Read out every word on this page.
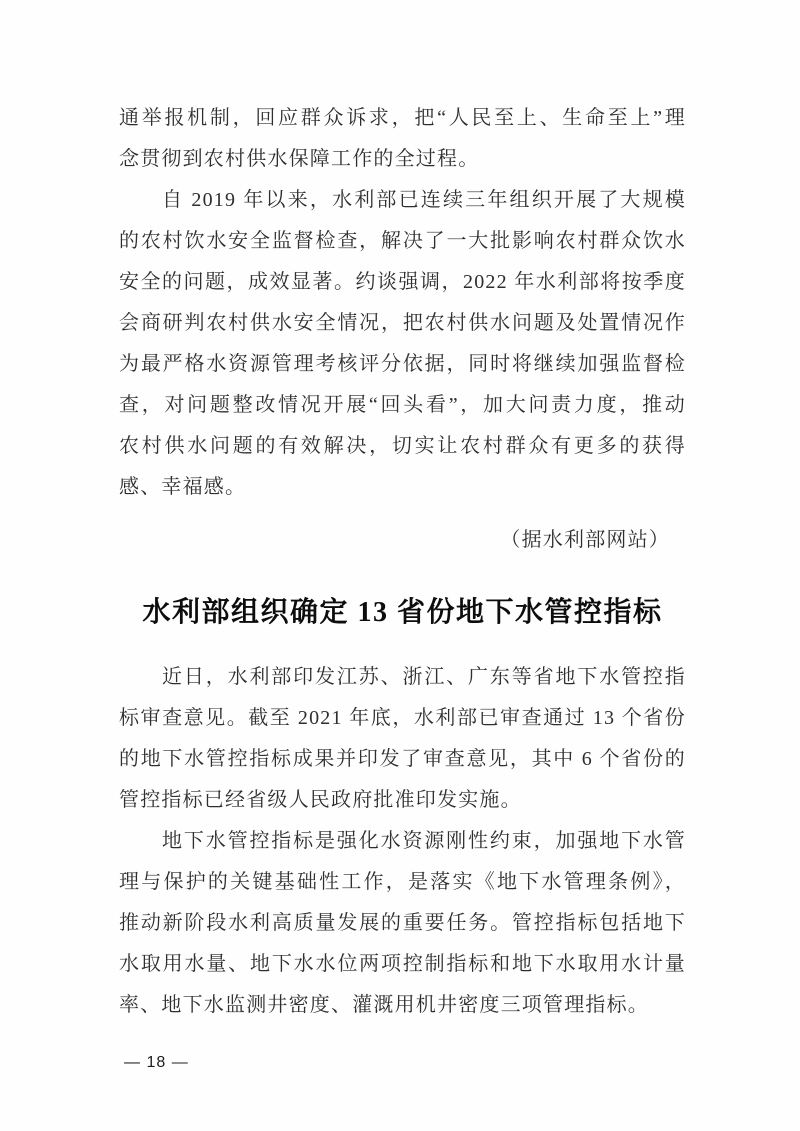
通举报机制，回应群众诉求，把“人民至上、生命至上”理
念贯彻到农村供水保障工作的全过程。
自 2019 年以来，水利部已连续三年组织开展了大规模
的农村饮水安全监督检查，解决了一大批影响农村群众饮水
安全的问题，成效显著。约谈强调，2022 年水利部将按季度
会商研判农村供水安全情况，把农村供水问题及处置情况作
为最严格水资源管理考核评分依据，同时将继续加强监督检
查，对问题整改情况开展“回头看”，加大问责力度，推动
农村供水问题的有效解决，切实让农村群众有更多的获得
感、幸福感。
（据水利部网站）
水利部组织确定 13 省份地下水管控指标
近日，水利部印发江苏、浙江、广东等省地下水管控指
标审查意见。截至 2021 年底，水利部已审查通过 13 个省份
的地下水管控指标成果并印发了审查意见，其中 6 个省份的
管控指标已经省级人民政府批准印发实施。
地下水管控指标是强化水资源刚性约束，加强地下水管
理与保护的关键基础性工作，是落实《地下水管理条例》，
推动新阶段水利高质量发展的重要任务。管控指标包括地下
水取用水量、地下水水位两项控制指标和地下水取用水计量
率、地下水监测井密度、灌溉用机井密度三项管理指标。
— 18 —
